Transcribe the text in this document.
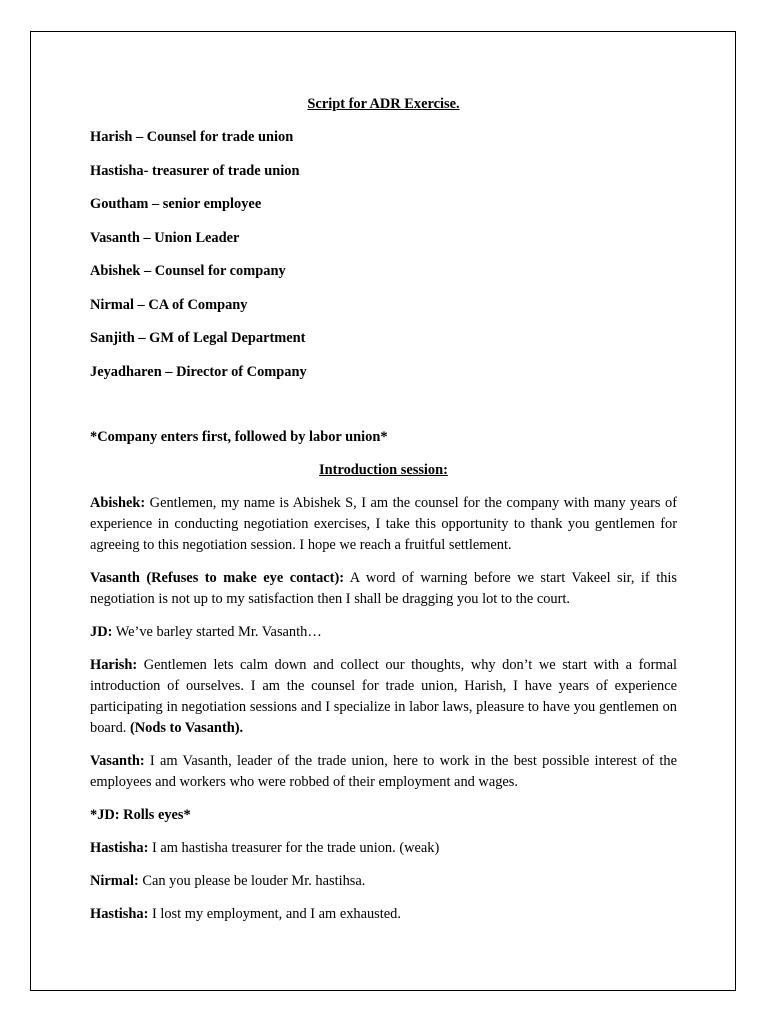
Script for ADR Exercise.

Harish – Counsel for trade union

Hastisha- treasurer of trade union

Goutham – senior employee

Vasanth – Union Leader

Abishek – Counsel for company

Nirmal – CA of Company

Sanjith – GM of Legal Department

Jeyadharen – Director of Company

*Company enters first, followed by labor union*

Introduction session:

Abishek: Gentlemen, my name is Abishek S, I am the counsel for the company with many years of experience in conducting negotiation exercises, I take this opportunity to thank you gentlemen for agreeing to this negotiation session. I hope we reach a fruitful settlement.

Vasanth (Refuses to make eye contact): A word of warning before we start Vakeel sir, if this negotiation is not up to my satisfaction then I shall be dragging you lot to the court.

JD: We’ve barley started Mr. Vasanth…

Harish: Gentlemen lets calm down and collect our thoughts, why don’t we start with a formal introduction of ourselves. I am the counsel for trade union, Harish, I have years of experience participating in negotiation sessions and I specialize in labor laws, pleasure to have you gentlemen on board. (Nods to Vasanth).

Vasanth: I am Vasanth, leader of the trade union, here to work in the best possible interest of the employees and workers who were robbed of their employment and wages.

*JD: Rolls eyes*

Hastisha: I am hastisha treasurer for the trade union. (weak)

Nirmal: Can you please be louder Mr. hastihsa.

Hastisha: I lost my employment, and I am exhausted.
